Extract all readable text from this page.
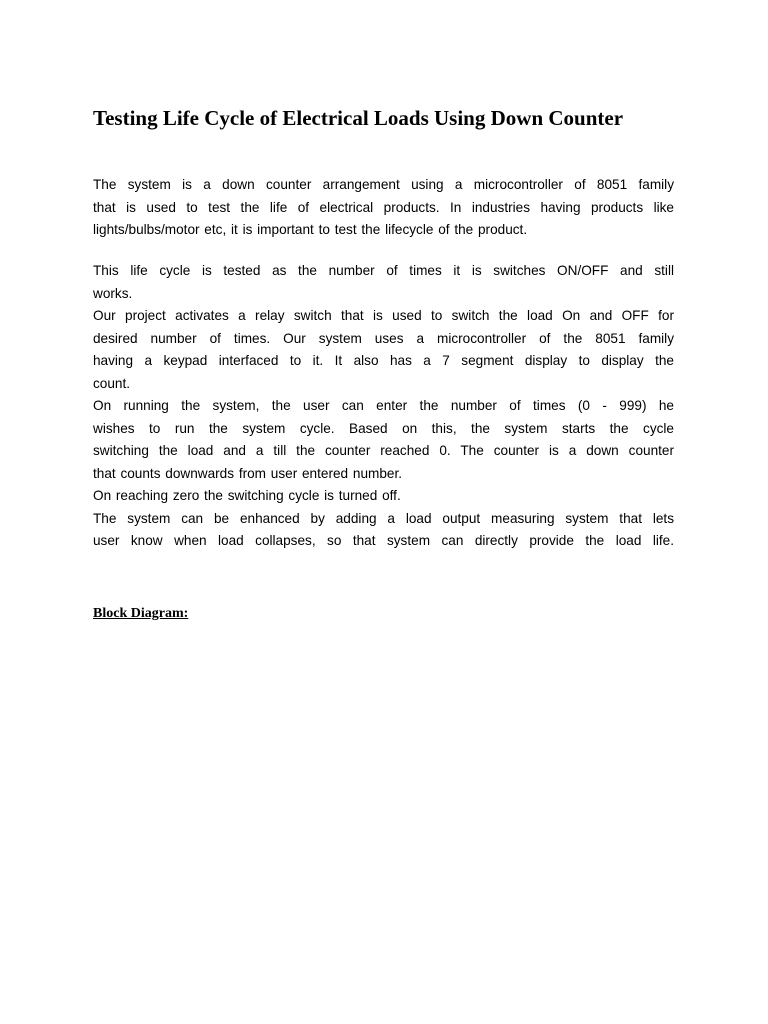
Testing Life Cycle of Electrical Loads Using Down Counter
The system is a down counter arrangement using a microcontroller of 8051 family
that is used to test the life of electrical products. In industries having products like
lights/bulbs/motor etc, it is important to test the lifecycle of the product.
This life cycle is tested as the number of times it is switches ON/OFF and still
works.
Our project activates a relay switch that is used to switch the load On and OFF for
desired number of times. Our system uses a microcontroller of the 8051 family
having a keypad interfaced to it. It also has a 7 segment display to display the
count.
On running the system, the user can enter the number of times (0 - 999) he
wishes to run the system cycle. Based on this, the system starts the cycle
switching the load and a till the counter reached 0. The counter is a down counter
that counts downwards from user entered number.
On reaching zero the switching cycle is turned off.
The system can be enhanced by adding a load output measuring system that lets
user know when load collapses, so that system can directly provide the load life.
Block Diagram:
